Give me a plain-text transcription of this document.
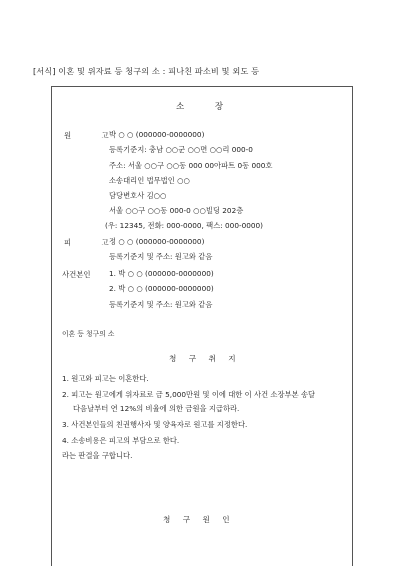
[서식] 이혼 및 위자료 등 청구의 소 : 피나친 파소비 및 외도 등
소 장
원 고
박 ○ ○ (000000-0000000)
등록기준지: 충남 ○○군 ○○면 ○○리 000-0
주소: 서울 ○○구 ○○동 000 00아파트 0동 000호
소송대리인 법무법인 ○○
담당변호사 김○○
서울 ○○구 ○○동 000-0 ○○빌딩 202층
(우: 12345, 전화: 000-0000, 팩스: 000-0000)
피 고
정 ○ ○ (000000-0000000)
등록기준지 및 주소: 원고와 같음
사건본인	1. 박 ○ ○ (000000-0000000)
2. 박 ○ ○ (000000-0000000)
등록기준지 및 주소: 원고와 같음
이혼 등 청구의 소
청 구 취 지
1. 원고와 피고는 이혼한다.
2. 피고는 원고에게 위자료로 금 5,000만원 및 이에 대한 이 사건 소장부본 송달
다음날부터 연 12%의 비율에 의한 금원을 지급하라.
3. 사건본인들의 친권행사자 및 양육자로 원고를 지정한다.
4. 소송비용은 피고의 부담으로 한다.
라는 판결을 구합니다.
청 구 원 인
